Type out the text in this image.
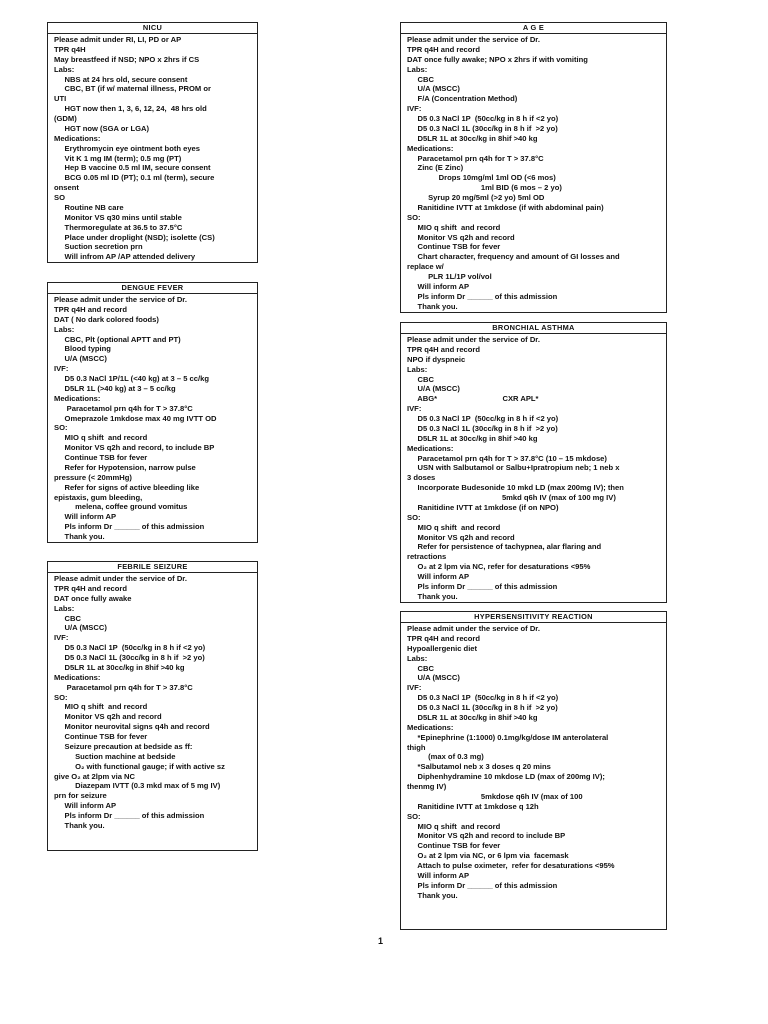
NICU
Please admit under RI, LI, PD or AP
TPR q4H
May breastfeed if NSD; NPO x 2hrs if CS
Labs:
NBS at 24 hrs old, secure consent
CBC, BT (if w/ maternal illness, PROM or
UTI
HGT now then 1, 3, 6, 12, 24,  48 hrs old
(GDM)
HGT now (SGA or LGA)
Medications:
Erythromycin eye ointment both eyes
Vit K 1 mg IM (term); 0.5 mg (PT)
Hep B vaccine 0.5 ml IM, secure consent
BCG 0.05 ml ID (PT); 0.1 ml (term), secure
onsent
SO
Routine NB care
Monitor VS q30 mins until stable
Thermoregulate at 36.5 to 37.5°C
Place under droplight (NSD); isolette (CS)
Suction secretion prn
Will infrom AP /AP attended delivery
DENGUE FEVER
Please admit under the service of Dr.
TPR q4H and record
DAT ( No dark colored foods)
Labs:
CBC, Plt (optional APTT and PT)
Blood typing
U/A (MSCC)
IVF:
D5 0.3 NaCl 1P/1L (<40 kg) at 3 – 5 cc/kg
D5LR 1L (>40 kg) at 3 – 5 cc/kg
Medications:
Paracetamol prn q4h for T > 37.8°C
Omeprazole 1mkdose max 40 mg IVTT OD
SO:
MIO q shift  and record
Monitor VS q2h and record, to include BP
Continue TSB for fever
Refer for Hypotension, narrow pulse
pressure (< 20mmHg)
Refer for signs of active bleeding like
epistaxis, gum bleeding,
melena, coffee ground vomitus
Will inform AP
Pls inform Dr ______ of this admission
Thank you.
FEBRILE SEIZURE
Please admit under the service of Dr.
TPR q4H and record
DAT once fully awake
Labs:
CBC
U/A (MSCC)
IVF:
D5 0.3 NaCl 1P  (50cc/kg in 8 h if <2 yo)
D5 0.3 NaCl 1L (30cc/kg in 8 h if  >2 yo)
D5LR 1L at 30cc/kg in 8hif >40 kg
Medications:
Paracetamol prn q4h for T > 37.8°C
SO:
MIO q shift  and record
Monitor VS q2h and record
Monitor neurovital signs q4h and record
Continue TSB for fever
Seizure precaution at bedside as ff:
Suction machine at bedside
O₂ with functional gauge; if with active sz
give O₂ at 2lpm via NC
Diazepam IVTT (0.3 mkd max of 5 mg IV)
prn for seizure
Will inform AP
Pls inform Dr ______ of this admission
Thank you.
A G E
Please admit under the service of Dr.
TPR q4H and record
DAT once fully awake; NPO x 2hrs if with vomiting
Labs:
CBC
U/A (MSCC)
F/A (Concentration Method)
IVF:
D5 0.3 NaCl 1P  (50cc/kg in 8 h if <2 yo)
D5 0.3 NaCl 1L (30cc/kg in 8 h if  >2 yo)
D5LR 1L at 30cc/kg in 8hif >40 kg
Medications:
Paracetamol prn q4h for T > 37.8°C
Zinc (E Zinc)
Drops 10mg/ml 1ml OD (<6 mos)
1ml BID (6 mos – 2 yo)
Syrup 20 mg/5ml (>2 yo) 5ml OD
Ranitidine IVTT at 1mkdose (if with abdominal pain)
SO:
MIO q shift  and record
Monitor VS q2h and record
Continue TSB for fever
Chart character, frequency and amount of GI losses and
replace w/
PLR 1L/1P vol/vol
Will inform AP
Pls inform Dr ______ of this admission
Thank you.
BRONCHIAL ASTHMA
Please admit under the service of Dr.
TPR q4H and record
NPO if dyspneic
Labs:
CBC
U/A (MSCC)
ABG*                               CXR APL*
IVF:
D5 0.3 NaCl 1P  (50cc/kg in 8 h if <2 yo)
D5 0.3 NaCl 1L (30cc/kg in 8 h if  >2 yo)
D5LR 1L at 30cc/kg in 8hif >40 kg
Medications:
Paracetamol prn q4h for T > 37.8°C (10 – 15 mkdose)
USN with Salbutamol or Salbu+Ipratropium neb; 1 neb x
3 doses
Incorporate Budesonide 10 mkd LD (max 200mg IV); then
5mkd q6h IV (max of 100 mg IV)
Ranitidine IVTT at 1mkdose (if on NPO)
SO:
MIO q shift  and record
Monitor VS q2h and record
Refer for persistence of tachypnea, alar flaring and
retractions
O₂ at 2 lpm via NC, refer for desaturations <95%
Will inform AP
Pls inform Dr ______ of this admission
Thank you.
HYPERSENSITIVITY REACTION
Please admit under the service of Dr.
TPR q4H and record
Hypoallergenic diet
Labs:
CBC
U/A (MSCC)
IVF:
D5 0.3 NaCl 1P  (50cc/kg in 8 h if <2 yo)
D5 0.3 NaCl 1L (30cc/kg in 8 h if  >2 yo)
D5LR 1L at 30cc/kg in 8hif >40 kg
Medications:
*Epinephrine (1:1000) 0.1mg/kg/dose IM anterolateral
thigh
(max of 0.3 mg)
*Salbutamol neb x 3 doses q 20 mins
Diphenhydramine 10 mkdose LD (max of 200mg IV);
thenmg IV)
5mkdose q6h IV (max of 100
Ranitidine IVTT at 1mkdose q 12h
SO:
MIO q shift  and record
Monitor VS q2h and record to include BP
Continue TSB for fever
O₂ at 2 lpm via NC, or 6 lpm via  facemask
Attach to pulse oximeter,  refer for desaturations <95%
Will inform AP
Pls inform Dr ______ of this admission
Thank you.
1
